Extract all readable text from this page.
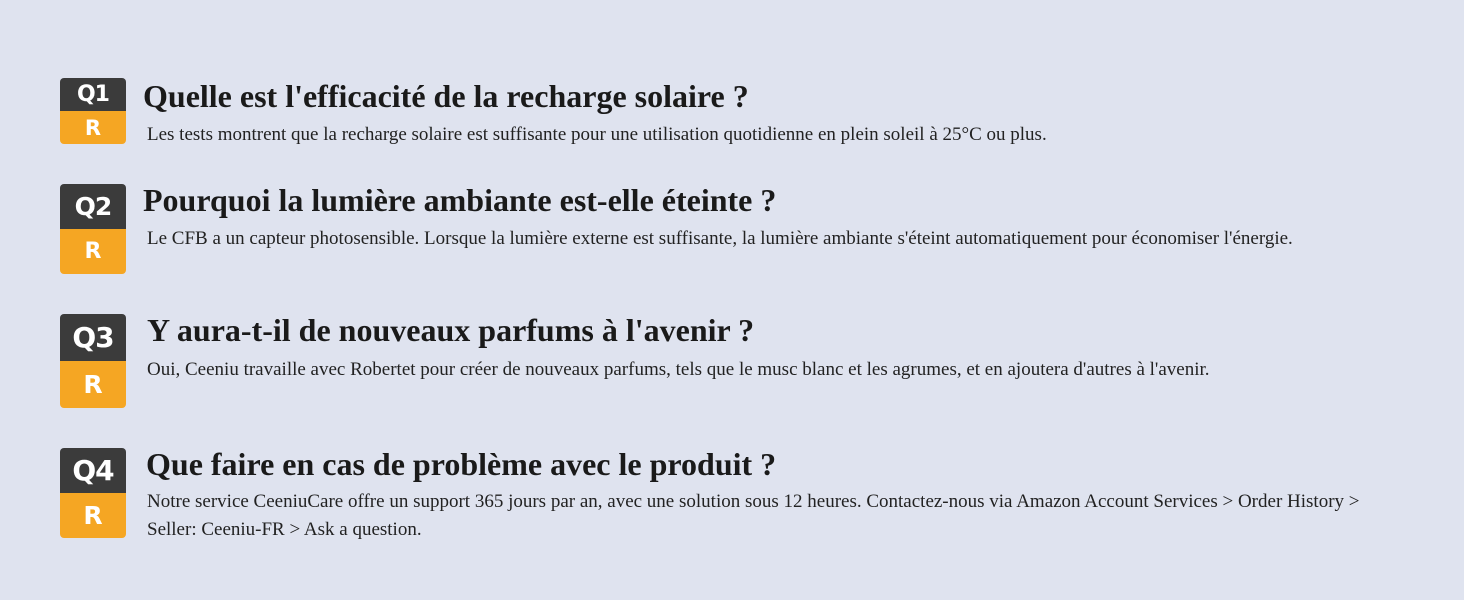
Q1
R
Quelle est l'efficacité de la recharge solaire ?

Les tests montrent que la recharge solaire est suffisante pour une utilisation quotidienne en plein soleil à 25°C ou plus.

Q2
R
Pourquoi la lumière ambiante est-elle éteinte ?

Le CFB a un capteur photosensible. Lorsque la lumière externe est suffisante, la lumière ambiante s'éteint automatiquement pour économiser l'énergie.

Q3
R
Y aura-t-il de nouveaux parfums à l'avenir ?

Oui, Ceeniu travaille avec Robertet pour créer de nouveaux parfums, tels que le musc blanc et les agrumes, et en ajoutera d'autres à l'avenir.

Q4
R
Que faire en cas de problème avec le produit ?

Notre service CeeniuCare offre un support 365 jours par an, avec une solution sous 12 heures. Contactez-nous via Amazon Account Services > Order History > Seller: Ceeniu-FR > Ask a question.
